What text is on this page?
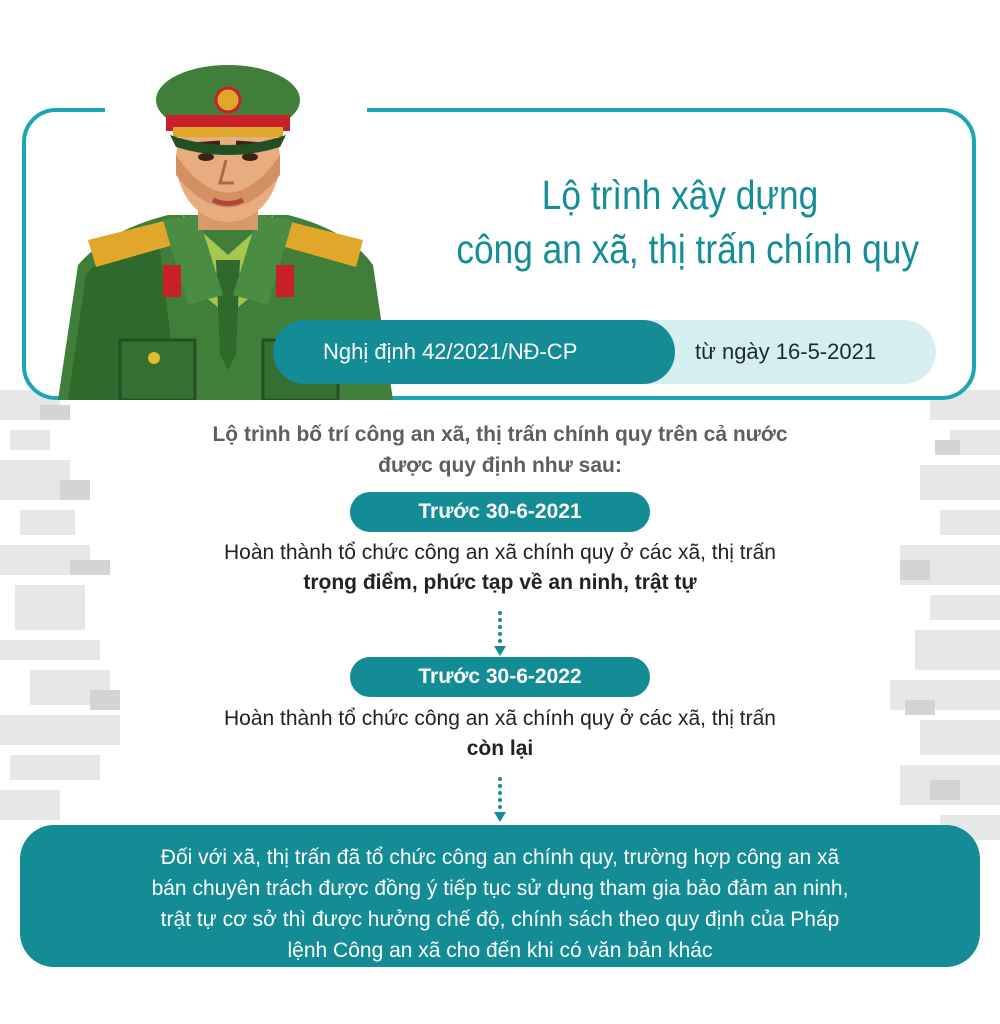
Lộ trình xây dựng
công an xã, thị trấn chính quy
Nghị định 42/2021/NĐ-CP	từ ngày 16-5-2021
Lộ trình bố trí công an xã, thị trấn chính quy trên cả nước
được quy định như sau:
Trước 30-6-2021
Hoàn thành tổ chức công an xã chính quy ở các xã, thị trấn
trọng điểm, phức tạp về an ninh, trật tự
Trước 30-6-2022
Hoàn thành tổ chức công an xã chính quy ở các xã, thị trấn
còn lại
Đối với xã, thị trấn đã tổ chức công an chính quy, trường hợp công an xã
bán chuyên trách được đồng ý tiếp tục sử dụng tham gia bảo đảm an ninh,
trật tự cơ sở thì được hưởng chế độ, chính sách theo quy định của Pháp
lệnh Công an xã cho đến khi có văn bản khác
